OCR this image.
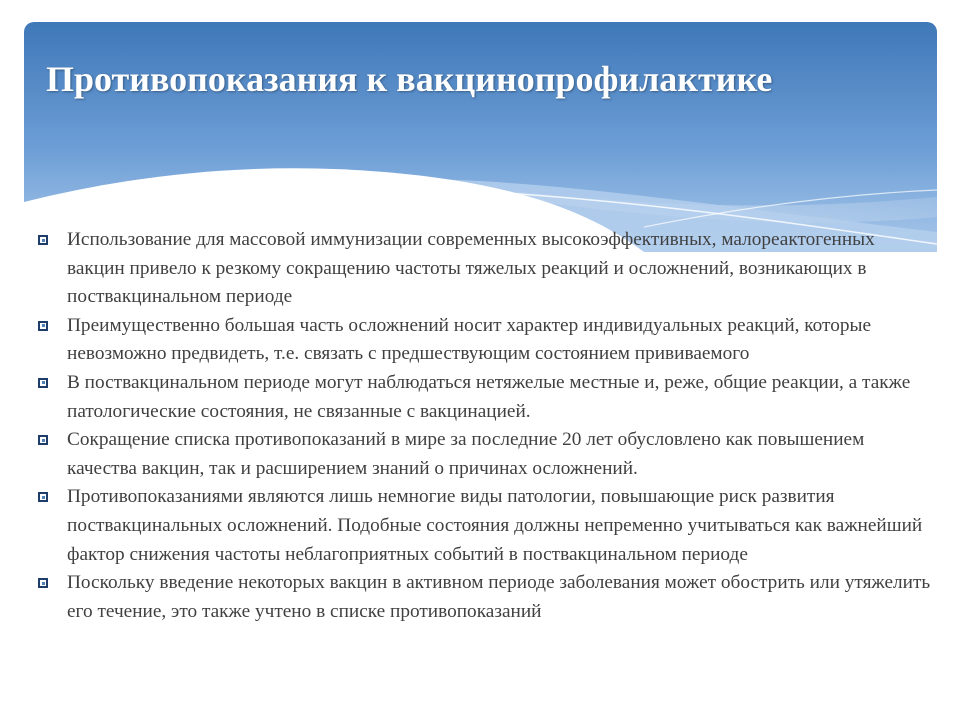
Противопоказания к вакцинопрофилактике
Использование для массовой иммунизации современных высокоэффективных, малореактогенных вакцин привело к резкому сокращению частоты тяжелых реакций и осложнений, возникающих в поствакцинальном периоде
Преимущественно большая часть осложнений носит характер индивидуальных реакций, которые невозможно предвидеть, т.е. связать с предшествующим состоянием прививаемого
В поствакцинальном периоде могут наблюдаться нетяжелые местные и, реже, общие реакции, а также патологические состояния, не связанные с вакцинацией.
Сокращение списка противопоказаний в мире за последние 20 лет обусловлено как повышением качества вакцин, так и расширением знаний о причинах осложнений.
Противопоказаниями являются лишь немногие виды патологии, повышающие риск развития поствакцинальных осложнений. Подобные состояния должны непременно учитываться как важнейший фактор снижения частоты неблагоприятных событий в поствакцинальном периоде
Поскольку введение некоторых вакцин в активном периоде заболевания может обострить или утяжелить его течение, это также учтено в списке противопоказаний
